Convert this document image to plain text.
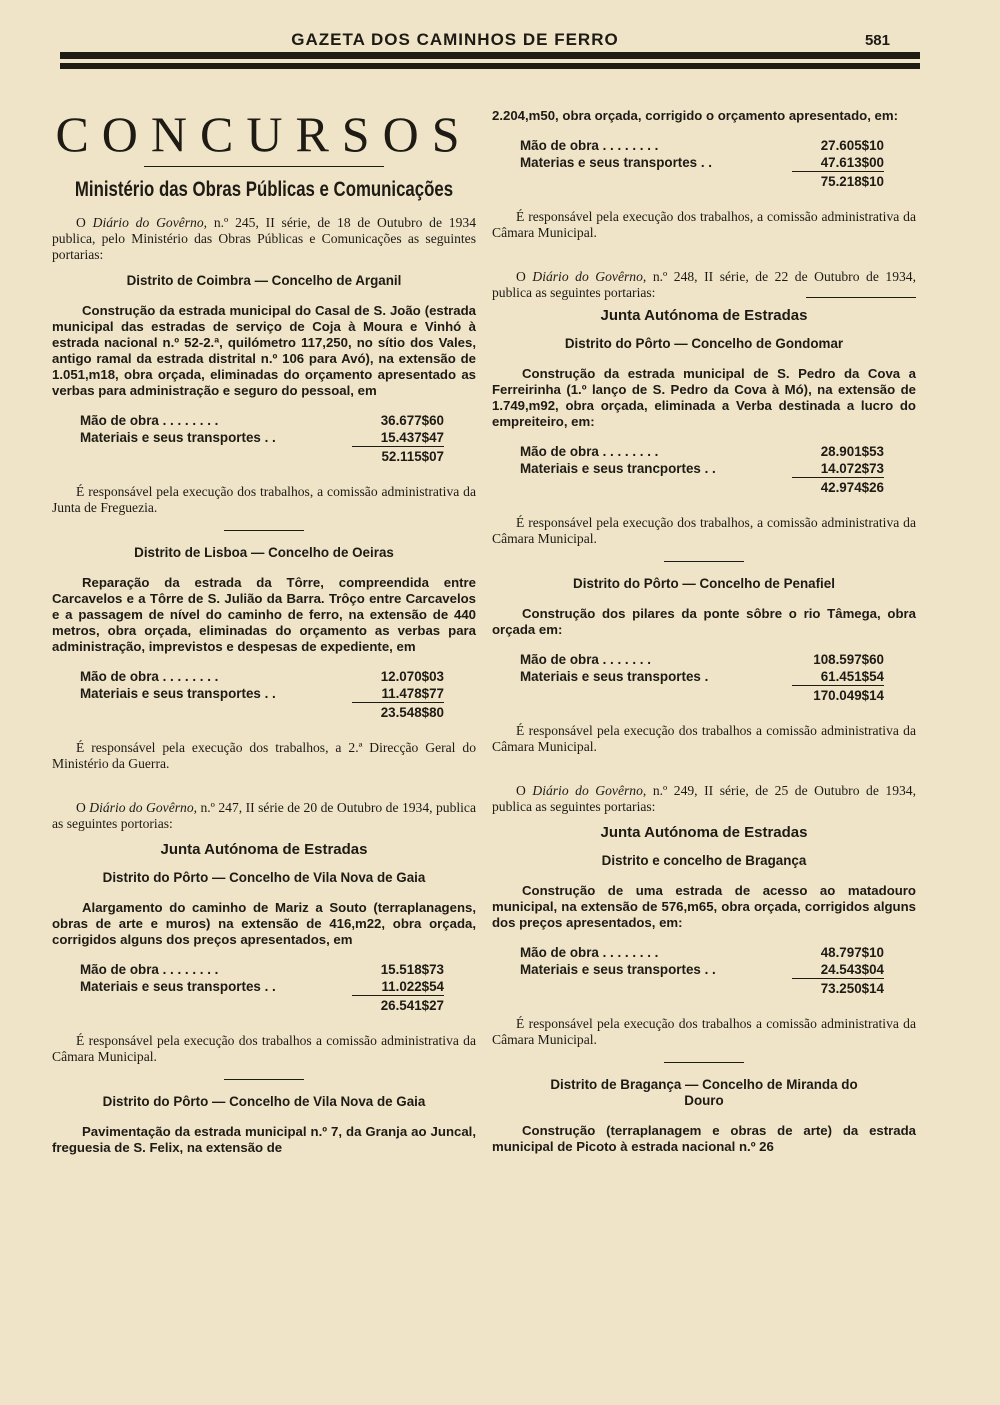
GAZETA DOS CAMINHOS DE FERRO	581
CONCURSOS
Ministério das Obras Públicas e Comunicações

O Diário do Govêrno, n.º 245, II série, de 18 de Outubro de 1934 publica, pelo Ministério das Obras Públicas e Comunicações as seguintes portarias:

Distrito de Coimbra — Concelho de Arganil

Construção da estrada municipal do Casal de S. João (estrada municipal das estradas de serviço de Coja à Moura e Vinhó à estrada nacional n.º 52-2.ª, quilómetro 117,250, no sítio dos Vales, antigo ramal da estrada distrital n.º 106 para Avó), na extensão de 1.051,m18, obra orçada, eliminadas do orçamento apresentado as verbas para administração e seguro do pessoal, em

Mão de obra . . . . . . . .	36.677$60
Materiais e seus transportes . .	15.437$47
52.115$07

É responsável pela execução dos trabalhos, a comissão administrativa da Junta de Freguezia.

Distrito de Lisboa — Concelho de Oeiras

Reparação da estrada da Tôrre, compreendida entre Carcavelos e a Tôrre de S. Julião da Barra. Trôço entre Carcavelos e a passagem de nível do caminho de ferro, na extensão de 440 metros, obra orçada, eliminadas do orçamento as verbas para administração, imprevistos e despesas de expediente, em

Mão de obra . . . . . . . .	12.070$03
Materiais e seus transportes . .	11.478$77
23.548$80

É responsável pela execução dos trabalhos, a 2.ª Direcção Geral do Ministério da Guerra.

O Diário do Govêrno, n.º 247, II série de 20 de Outubro de 1934, publica as seguintes portorias:

Junta Autónoma de Estradas
Distrito do Pôrto — Concelho de Vila Nova de Gaia

Alargamento do caminho de Mariz a Souto (terraplanagens, obras de arte e muros) na extensão de 416,m22, obra orçada, corrigidos alguns dos preços apresentados, em

Mão de obra . . . . . . . .	15.518$73
Materiais e seus transportes . .	11.022$54
26.541$27

É responsável pela execução dos trabalhos a comissão administrativa da Câmara Municipal.

Distrito do Pôrto — Concelho de Vila Nova de Gaia

Pavimentação da estrada municipal n.º 7, da Granja ao Juncal, freguesia de S. Felix, na extensão de

2.204,m50, obra orçada, corrigido o orçamento apresentado, em:

Mão de obra . . . . . . . .	27.605$10
Materias e seus transportes . .	47.613$00
75.218$10

É responsável pela execução dos trabalhos, a comissão administrativa da Câmara Municipal.

O Diário do Govêrno, n.º 248, II série, de 22 de Outubro de 1934, publica as seguintes portarias:

Junta Autónoma de Estradas
Distrito do Pôrto — Concelho de Gondomar

Construção da estrada municipal de S. Pedro da Cova a Ferreirinha (1.º lanço de S. Pedro da Cova à Mó), na extensão de 1.749,m92, obra orçada, eliminada a Verba destinada a lucro do empreiteiro, em:

Mão de obra . . . . . . . .	28.901$53
Materiais e seus trancportes . .	14.072$73
42.974$26

É responsável pela execução dos trabalhos, a comissão administrativa da Câmara Municipal.

Distrito do Pôrto — Concelho de Penafiel

Construção dos pilares da ponte sôbre o rio Tâmega, obra orçada em:

Mão de obra . . . . . . .	108.597$60
Materiais e seus transportes .	61.451$54
170.049$14

É responsável pela execução dos trabalhos a comissão administrativa da Câmara Municipal.

O Diário do Govêrno, n.º 249, II série, de 25 de Outubro de 1934, publica as seguintes portarias:

Junta Autónoma de Estradas
Distrito e concelho de Bragança

Construção de uma estrada de acesso ao matadouro municipal, na extensão de 576,m65, obra orçada, corrigidos alguns dos preços apresentados, em:

Mão de obra . . . . . . . .	48.797$10
Materiais e seus transportes . .	24.543$04
73.250$14

É responsável pela execução dos trabalhos a comissão administrativa da Câmara Municipal.

Distrito de Bragança — Concelho de Miranda do Douro

Construção (terraplanagem e obras de arte) da estrada municipal de Picoto à estrada nacional n.º 26
